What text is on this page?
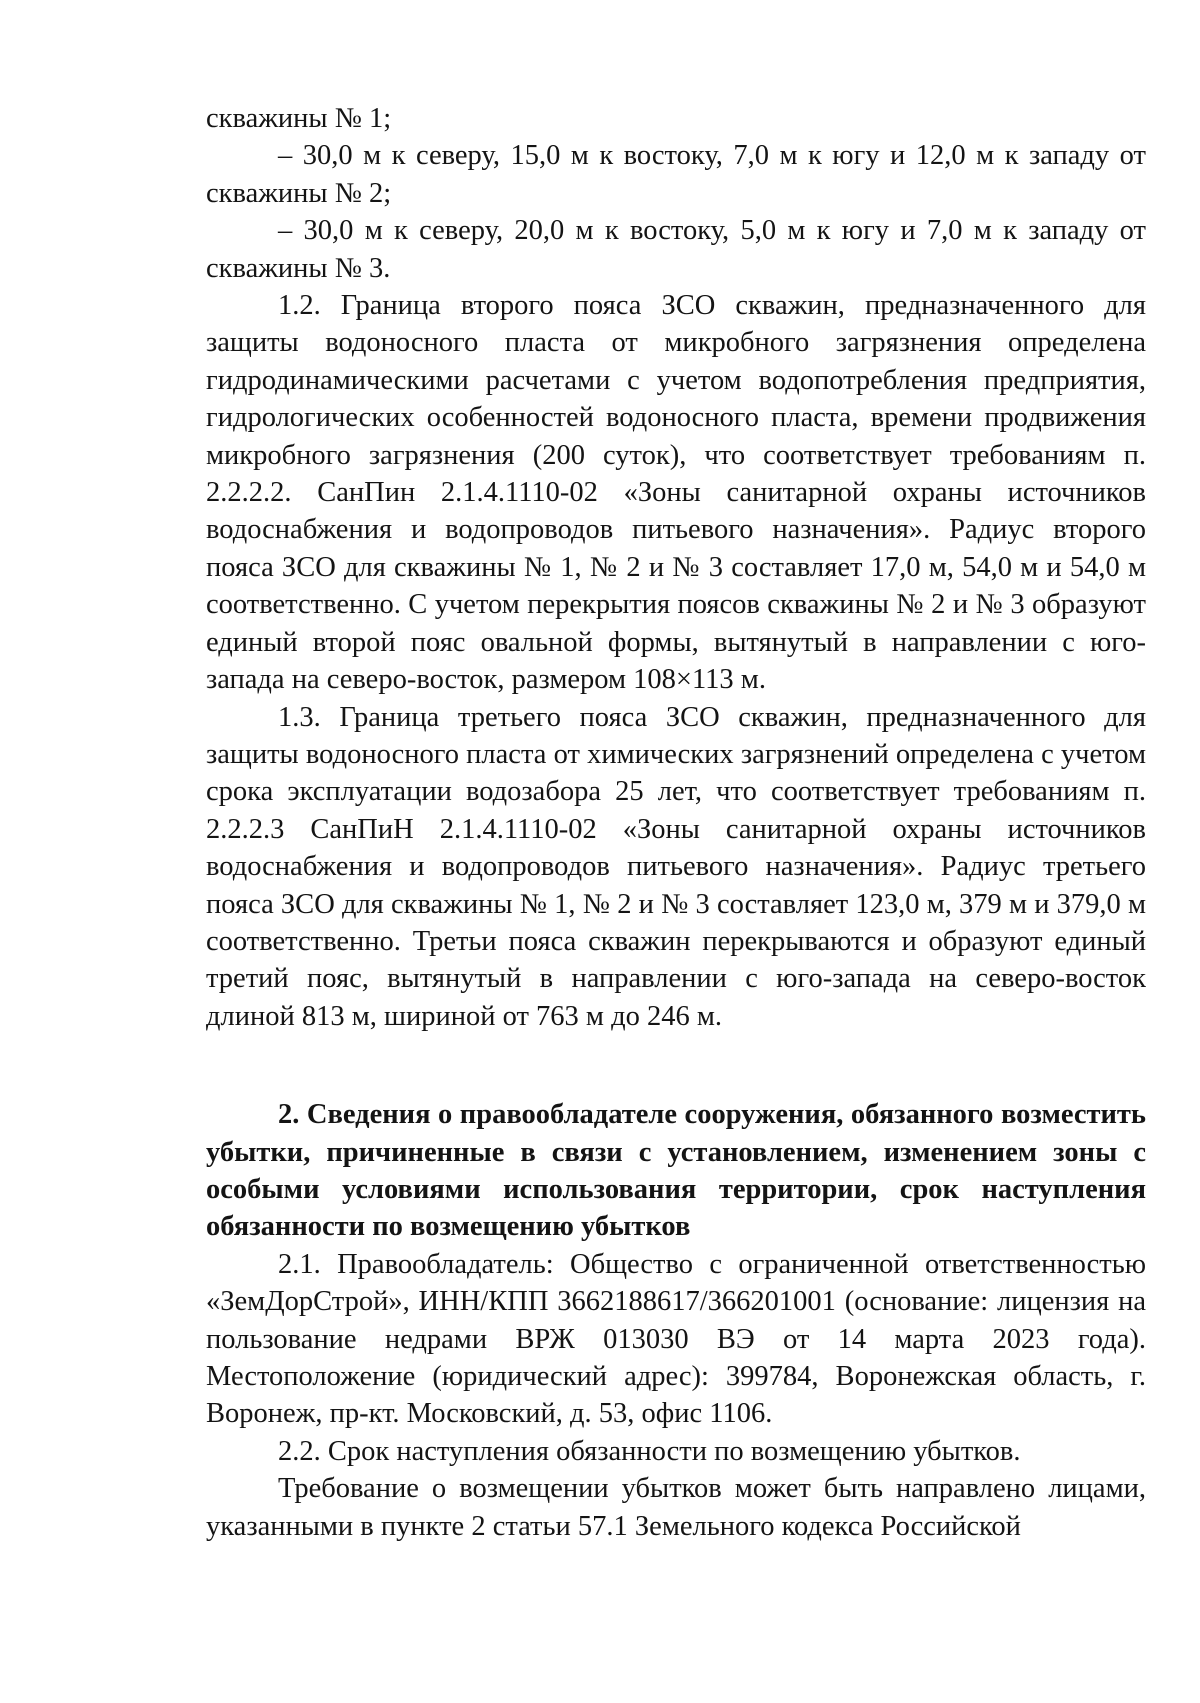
скважины № 1;

– 30,0 м к северу, 15,0 м к востоку, 7,0 м к югу и 12,0 м к западу от скважины № 2;

– 30,0 м к северу, 20,0 м к востоку, 5,0 м к югу и 7,0 м к западу от скважины № 3.

1.2. Граница второго пояса ЗСО скважин, предназначенного для защиты водоносного пласта от микробного загрязнения определена гидродинамическими расчетами с учетом водопотребления предприятия, гидрологических особенностей водоносного пласта, времени продвижения микробного загрязнения (200 суток), что соответствует требованиям п. 2.2.2.2. СанПин 2.1.4.1110-02 «Зоны санитарной охраны источников водоснабжения и водопроводов питьевого назначения». Радиус второго пояса ЗСО для скважины № 1, № 2 и № 3 составляет 17,0 м, 54,0 м и 54,0 м соответственно. С учетом перекрытия поясов скважины № 2 и № 3 образуют единый второй пояс овальной формы, вытянутый в направлении с юго-запада на северо-восток, размером 108×113 м.

1.3. Граница третьего пояса ЗСО скважин, предназначенного для защиты водоносного пласта от химических загрязнений определена с учетом срока эксплуатации водозабора 25 лет, что соответствует требованиям п. 2.2.2.3 СанПиН 2.1.4.1110-02 «Зоны санитарной охраны источников водоснабжения и водопроводов питьевого назначения». Радиус третьего пояса ЗСО для скважины № 1, № 2 и № 3 составляет 123,0 м, 379 м и 379,0 м соответственно. Третьи пояса скважин перекрываются и образуют единый третий пояс, вытянутый в направлении с юго-запада на северо-восток длиной 813 м, шириной от 763 м до 246 м.

2. Сведения о правообладателе сооружения, обязанного возместить убытки, причиненные в связи с установлением, изменением зоны с особыми условиями использования территории, срок наступления обязанности по возмещению убытков

2.1. Правообладатель: Общество с ограниченной ответственностью «ЗемДорСтрой», ИНН/КПП 3662188617/366201001 (основание: лицензия на пользование недрами ВРЖ 013030 ВЭ от 14 марта 2023 года). Местоположение (юридический адрес): 399784, Воронежская область, г. Воронеж, пр-кт. Московский, д. 53, офис 1106.

2.2. Срок наступления обязанности по возмещению убытков.

Требование о возмещении убытков может быть направлено лицами, указанными в пункте 2 статьи 57.1 Земельного кодекса Российской
